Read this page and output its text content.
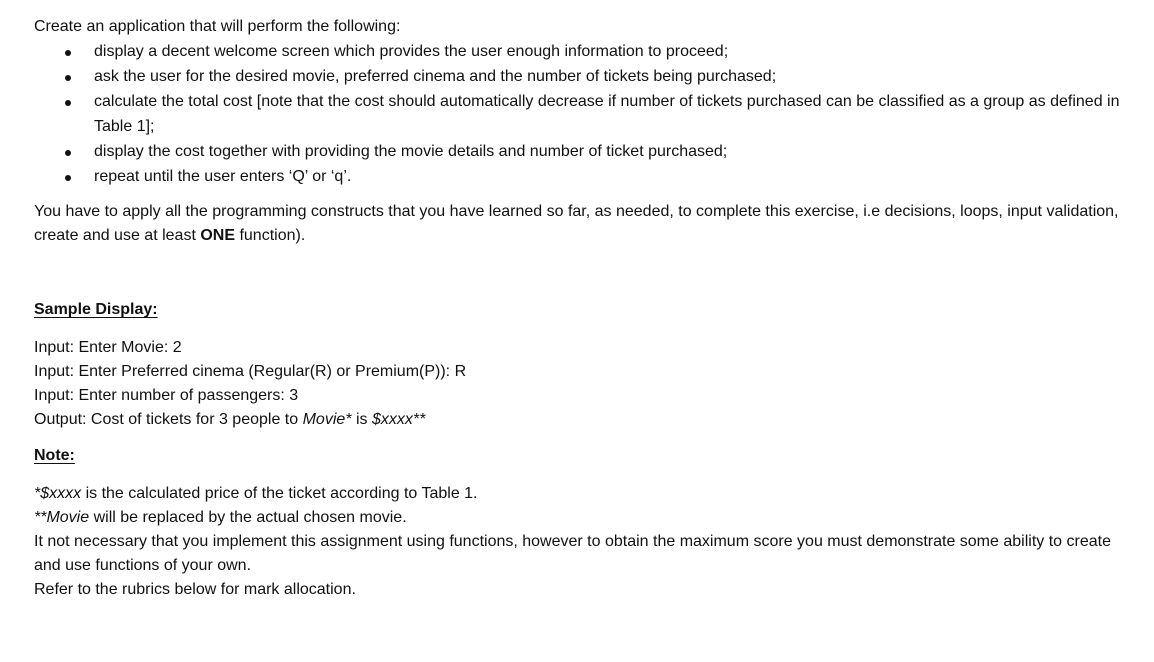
Create an application that will perform the following:
display a decent welcome screen which provides the user enough information to proceed;
ask the user for the desired movie, preferred cinema and the number of tickets being purchased;
calculate the total cost [note that the cost should automatically decrease if number of tickets purchased can be classified as a group as defined in Table 1];
display the cost together with providing the movie details and number of ticket purchased;
repeat until the user enters ‘Q’ or ‘q’.
You have to apply all the programming constructs that you have learned so far, as needed, to complete this exercise, i.e decisions, loops, input validation, create and use at least ONE function).
Sample Display:
Input: Enter Movie: 2
Input: Enter Preferred cinema (Regular(R) or Premium(P)): R
Input: Enter number of passengers: 3
Output: Cost of tickets for 3 people to Movie* is $xxxx**
Note:
*$xxxx is the calculated price of the ticket according to Table 1.
**Movie will be replaced by the actual chosen movie.
It not necessary that you implement this assignment using functions, however to obtain the maximum score you must demonstrate some ability to create and use functions of your own.
Refer to the rubrics below for mark allocation.
